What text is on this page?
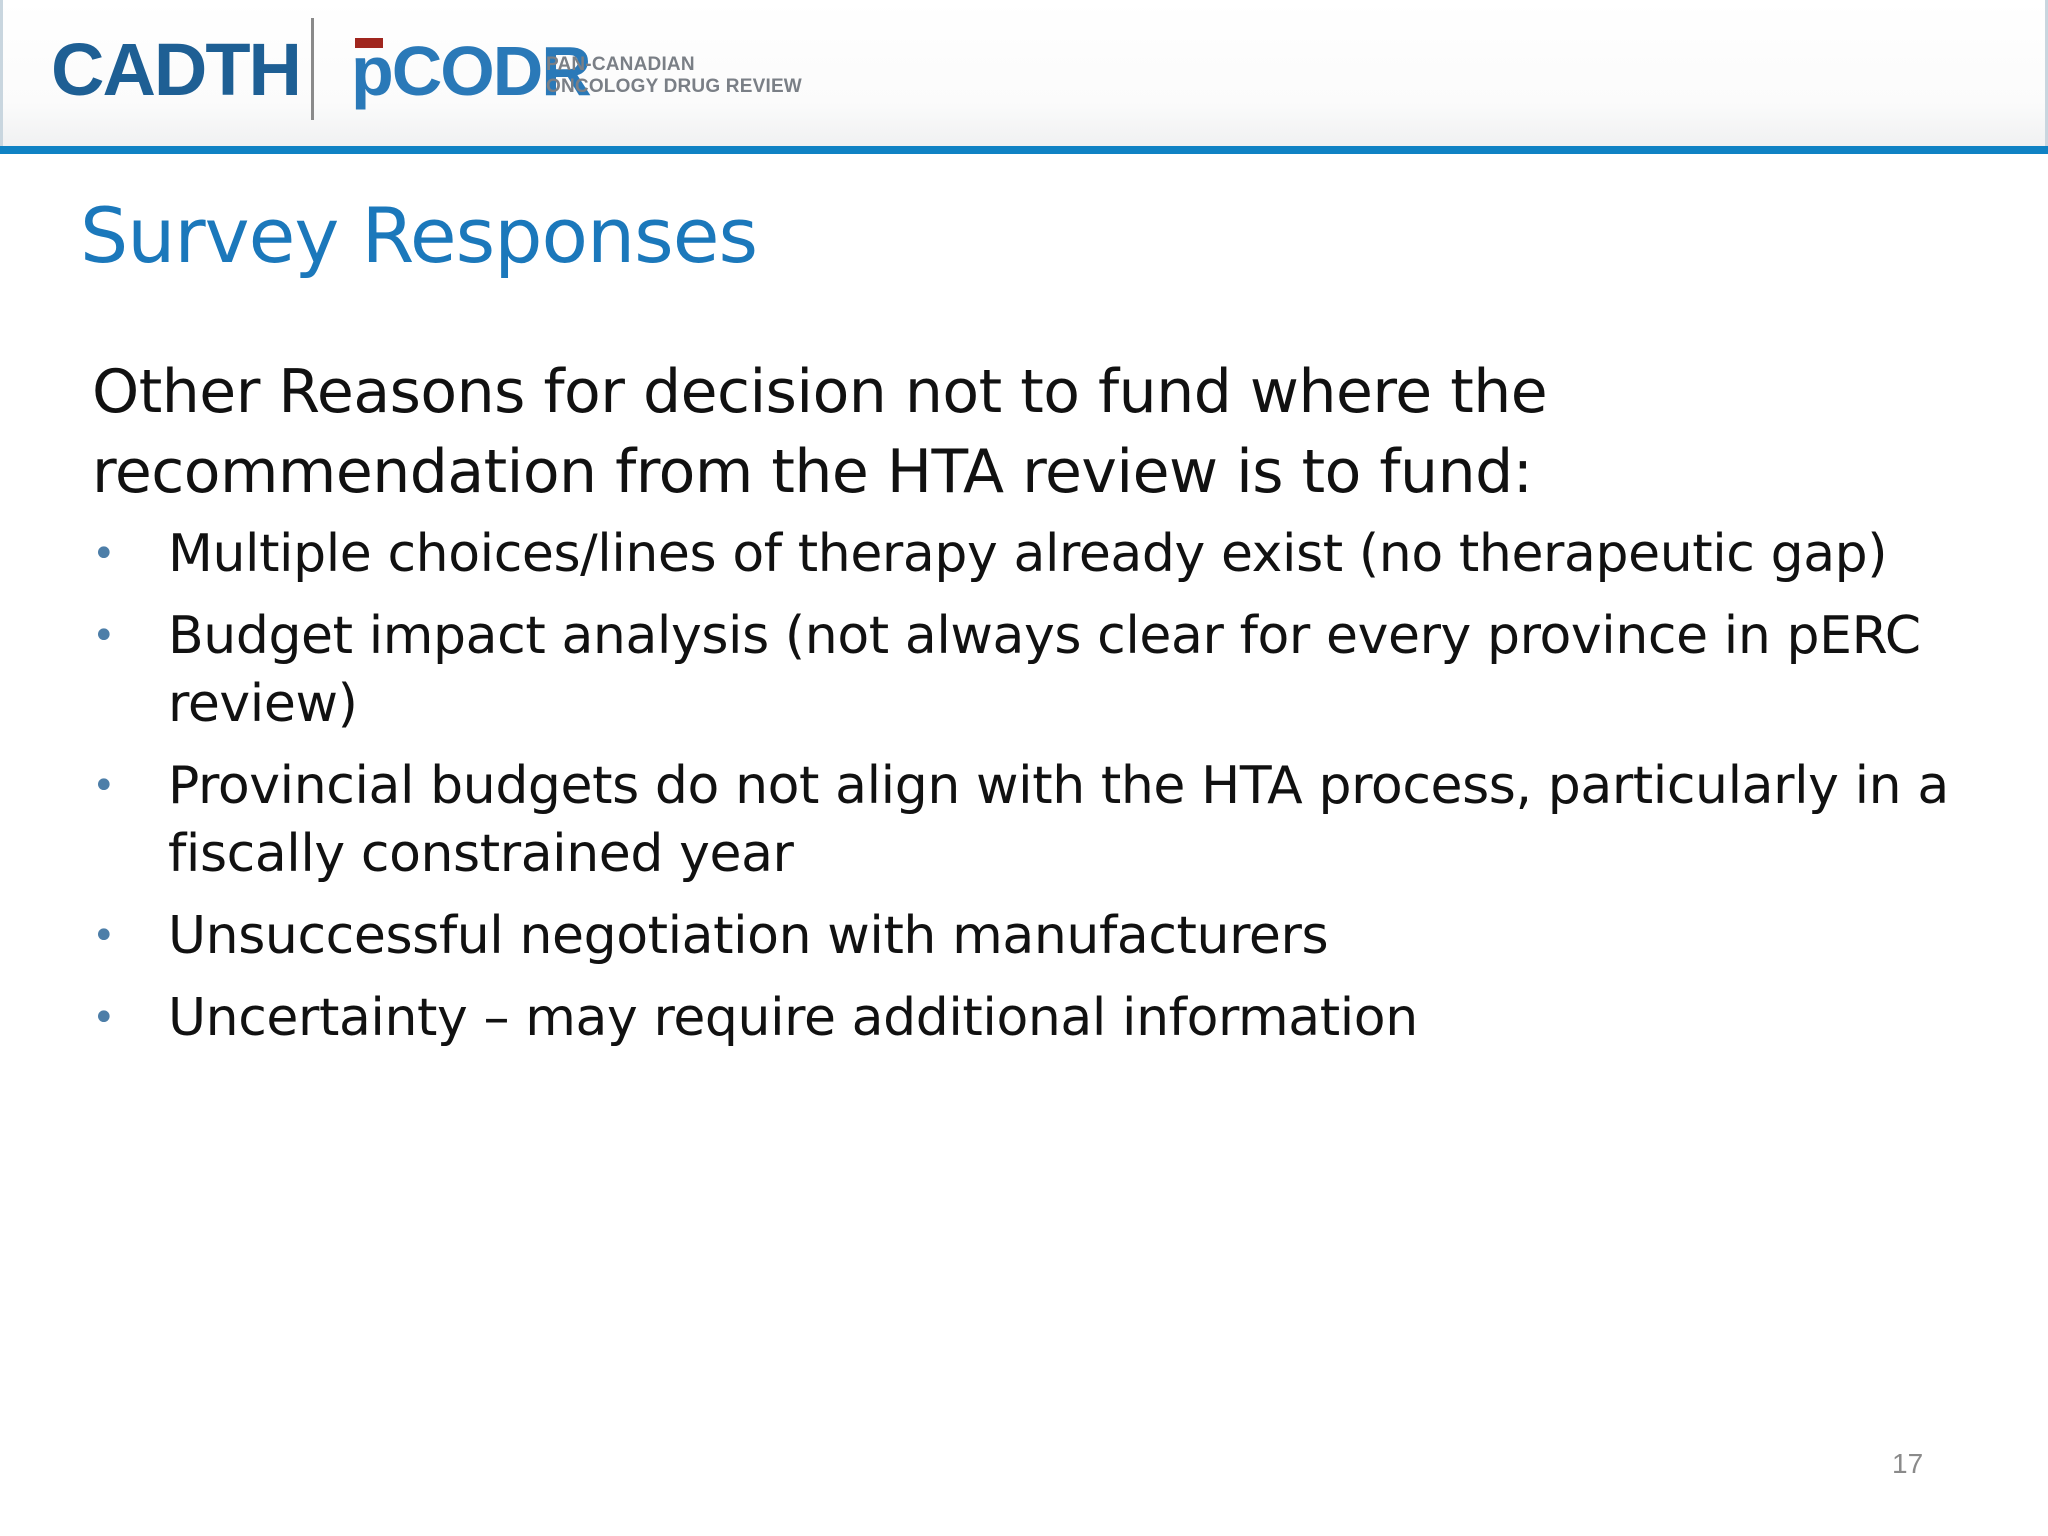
CADTH pCODR
PAN-CANADIAN
ONCOLOGY DRUG REVIEW
Survey Responses
Other Reasons for decision not to fund where the recommendation from the HTA review is to fund:
• Multiple choices/lines of therapy already exist (no therapeutic gap)
• Budget impact analysis (not always clear for every province in pERC review)
• Provincial budgets do not align with the HTA process, particularly in a fiscally constrained year
• Unsuccessful negotiation with manufacturers
• Uncertainty – may require additional information
17
